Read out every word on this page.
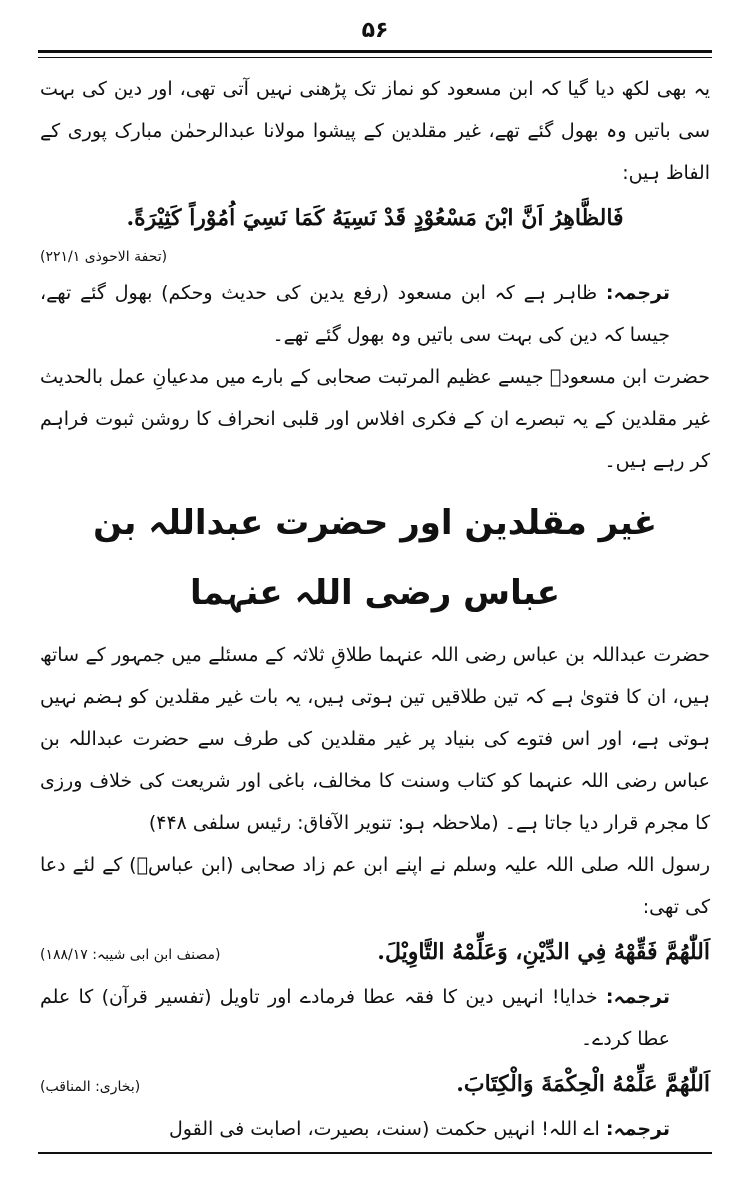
۵۶

یہ بھی لکھ دیا گیا کہ ابن مسعود کو نماز تک پڑھنی نہیں آتی تھی، اور دین کی بہت سی باتیں وہ بھول گئے تھے، غیر مقلدین کے پیشوا مولانا عبدالرحمٰن مبارک پوری کے الفاظ ہیں:

فَالظَّاهِرُ اَنَّ ابْنَ مَسْعُوْدٍ قَدْ نَسِيَهُ كَمَا نَسِيَ اُمُوْراً كَثِيْرَةً.

(تحفة الاحوذی ۲۲۱/۱)

ترجمہ: ظاہر ہے کہ ابن مسعود (رفع یدین کی حدیث وحکم) بھول گئے تھے، جیسا کہ دین کی بہت سی باتیں وہ بھول گئے تھے۔

حضرت ابن مسعودؓ جیسے عظیم المرتبت صحابی کے بارے میں مدعیانِ عمل بالحدیث غیر مقلدین کے یہ تبصرے ان کے فکری افلاس اور قلبی انحراف کا روشن ثبوت فراہم کر رہے ہیں۔

غیر مقلدین اور حضرت عبداللہ بن عباس رضی اللہ عنہما

حضرت عبداللہ بن عباس رضی اللہ عنہما طلاقِ ثلاثہ کے مسئلے میں جمہور کے ساتھ ہیں، ان کا فتویٰ ہے کہ تین طلاقیں تین ہوتی ہیں، یہ بات غیر مقلدین کو ہضم نہیں ہوتی ہے، اور اس فتوے کی بنیاد پر غیر مقلدین کی طرف سے حضرت عبداللہ بن عباس رضی اللہ عنہما کو کتاب وسنت کا مخالف، باغی اور شریعت کی خلاف ورزی کا مجرم قرار دیا جاتا ہے۔ (ملاحظہ ہو: تنویر الآفاق: رئیس سلفی ۴۴۸)

رسول اللہ صلی اللہ علیہ وسلم نے اپنے ابن عم زاد صحابی (ابن عباسؓ) کے لئے دعا کی تھی:

اَللّٰهُمَّ فَقِّهْهُ فِي الدِّيْنِ، وَعَلِّمْهُ التَّاوِيْلَ.

(مصنف ابن ابی شیبہ: ۱۸۸/۱۷)

ترجمہ: خدایا! انہیں دین کا فقہ عطا فرمادے اور تاویل (تفسیر قرآن) کا علم عطا کردے۔

اَللّٰهُمَّ عَلِّمْهُ الْحِكْمَةَ وَالْكِتَابَ.

(بخاری: المناقب)

ترجمہ: اے اللہ! انہیں حکمت (سنت، بصیرت، اصابت فی القول
